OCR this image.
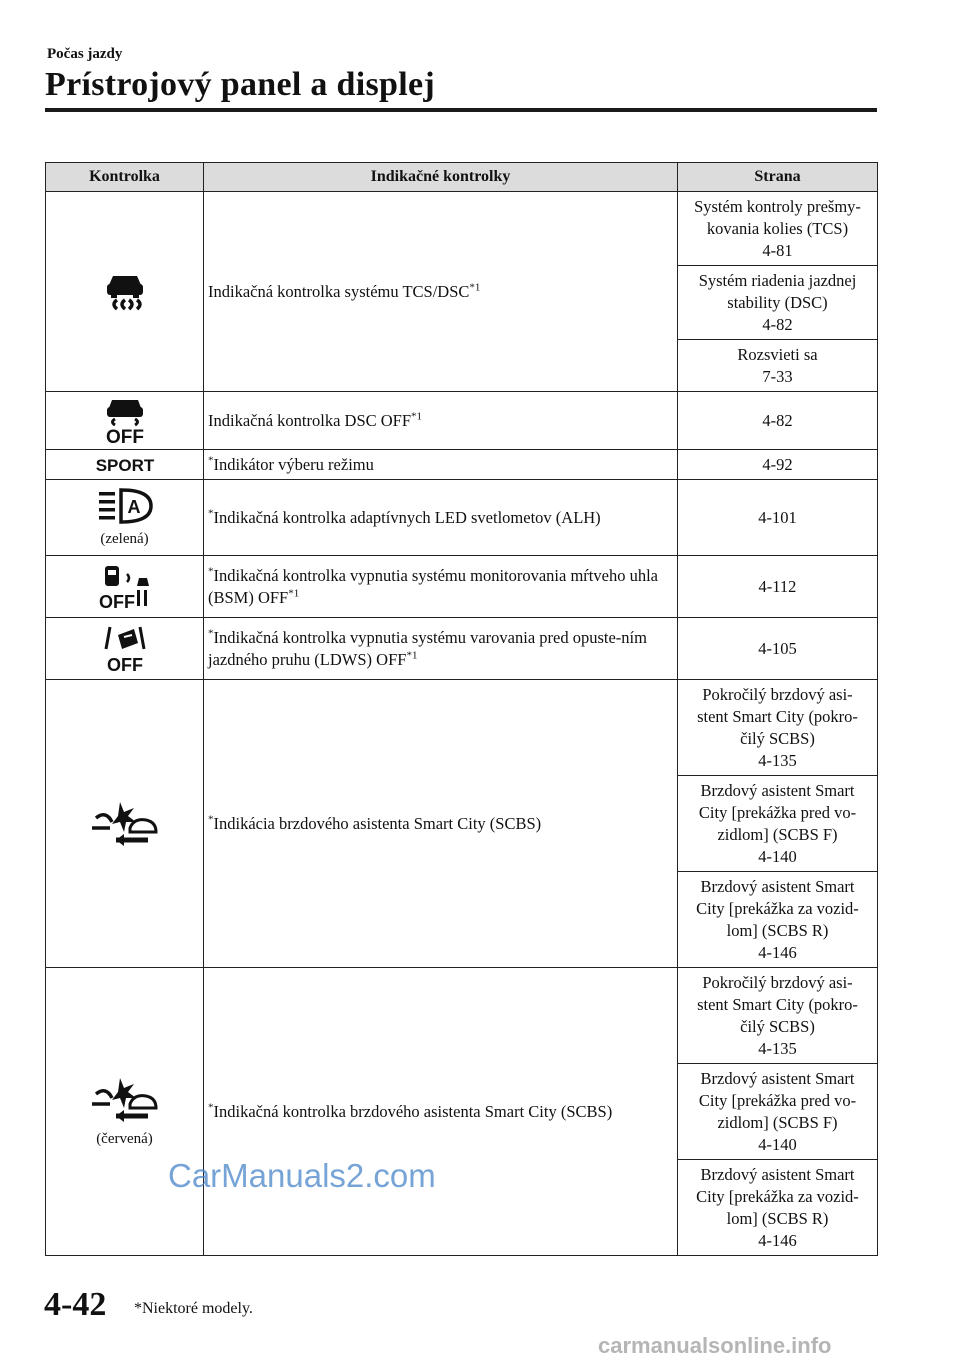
Počas jazdy
Prístrojový panel a displej
Kontrolka	Indikačné kontrolky	Strana

	Indikačná kontrolka systému TCS/DSC$^{*1}$	Systém kontroly prešmy-
kovania kolies (TCS)
4-81
		Systém riadenia jazdnej
stability (DSC)
4-82
		Rozsvieti sa
7-33

OFF	Indikačná kontrolka DSC OFF$^{*1}$	4-82

SPORT	*Indikátor výberu režimu	4-92

A
(zelená)	*Indikačná kontrolka adaptívnych LED svetlometov (ALH)	4-101

OFF	*Indikačná kontrolka vypnutia systému monitorovania mŕtveho uhla (BSM) OFF$^{*1}$	4-112

OFF	*Indikačná kontrolka vypnutia systému varovania pred opuste-ním jazdného pruhu (LDWS) OFF$^{*1}$	4-105

	*Indikácia brzdového asistenta Smart City (SCBS)	Pokročilý brzdový asi-
stent Smart City (pokro-
čilý SCBS)
4-135
		Brzdový asistent Smart
City [prekážka pred vo-
zidlom] (SCBS F)
4-140
		Brzdový asistent Smart
City [prekážka za vozid-
lom] (SCBS R)
4-146

(červená)	*Indikačná kontrolka brzdového asistenta Smart City (SCBS)	Pokročilý brzdový asi-
stent Smart City (pokro-
čilý SCBS)
4-135
		Brzdový asistent Smart
City [prekážka pred vo-
zidlom] (SCBS F)
4-140
		Brzdový asistent Smart
City [prekážka za vozid-
lom] (SCBS R)
4-146
CarManuals2.com
4-42 *Niektoré modely.
carmanualsonline.info
